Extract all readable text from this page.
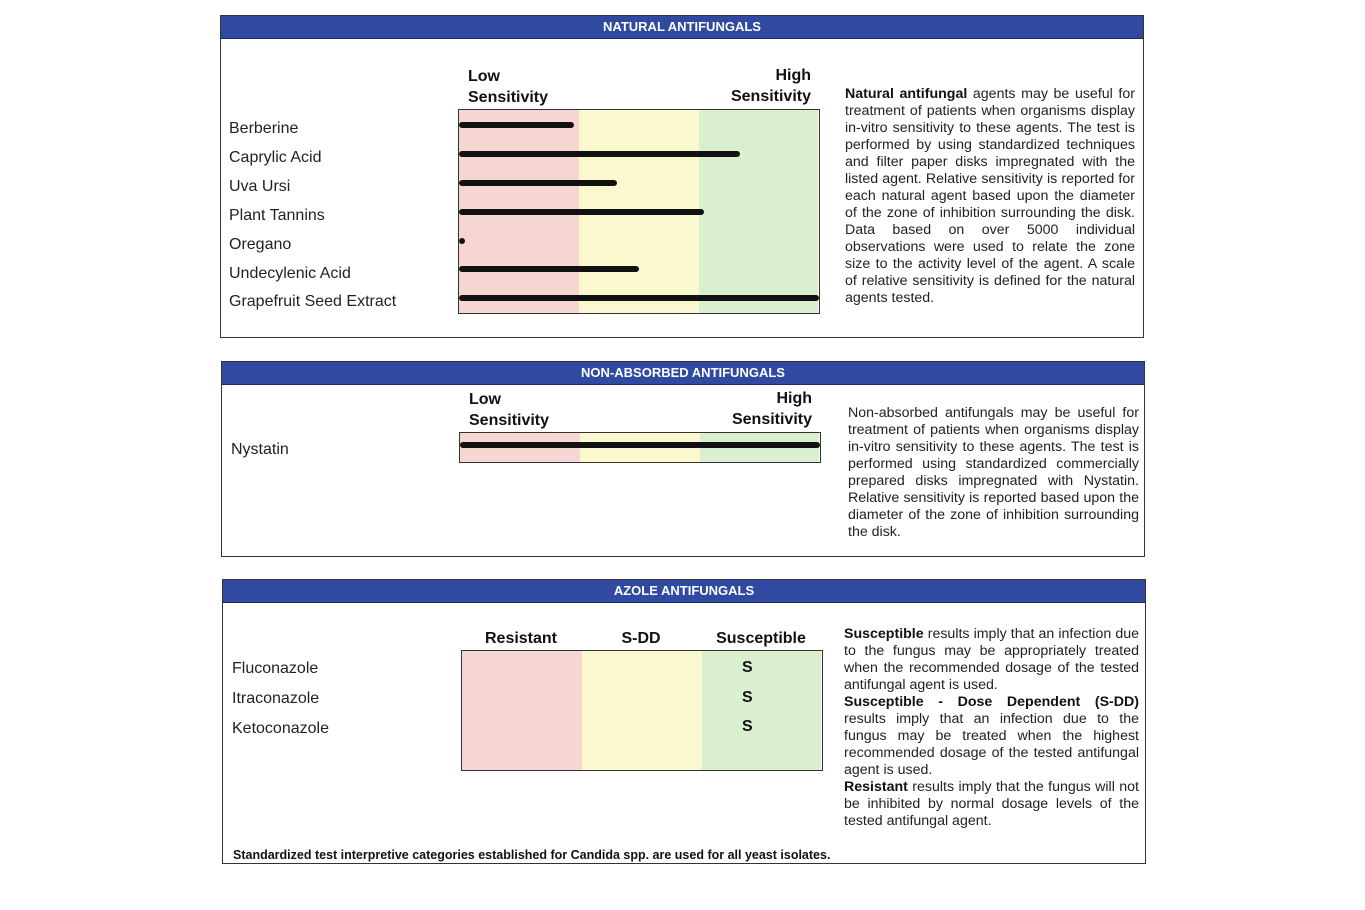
NATURAL ANTIFUNGALS
Low
Sensitivity
High
Sensitivity
Berberine
Caprylic Acid
Uva Ursi
Plant Tannins
Oregano
Undecylenic Acid
Grapefruit Seed Extract
Natural antifungal agents may be useful for treatment of patients when organisms display in-vitro sensitivity to these agents. The test is performed by using standardized techniques and filter paper disks impregnated with the listed agent. Relative sensitivity is reported for each natural agent based upon the diameter of the zone of inhibition surrounding the disk. Data based on over 5000 individual observations were used to relate the zone size to the activity level of the agent. A scale of relative sensitivity is defined for the natural agents tested.
NON-ABSORBED ANTIFUNGALS
Low
Sensitivity
High
Sensitivity
Nystatin
Non-absorbed antifungals may be useful for treatment of patients when organisms display in-vitro sensitivity to these agents. The test is performed using standardized commercially prepared disks impregnated with Nystatin. Relative sensitivity is reported based upon the diameter of the zone of inhibition surrounding the disk.
AZOLE ANTIFUNGALS
Resistant	S-DD	Susceptible
Fluconazole
Itraconazole
Ketoconazole
S
S
S
Susceptible results imply that an infection due to the fungus may be appropriately treated when the recommended dosage of the tested antifungal agent is used.
Susceptible - Dose Dependent (S-DD) results imply that an infection due to the fungus may be treated when the highest recommended dosage of the tested antifungal agent is used.
Resistant results imply that the fungus will not be inhibited by normal dosage levels of the tested antifungal agent.
Standardized test interpretive categories established for Candida spp. are used for all yeast isolates.
